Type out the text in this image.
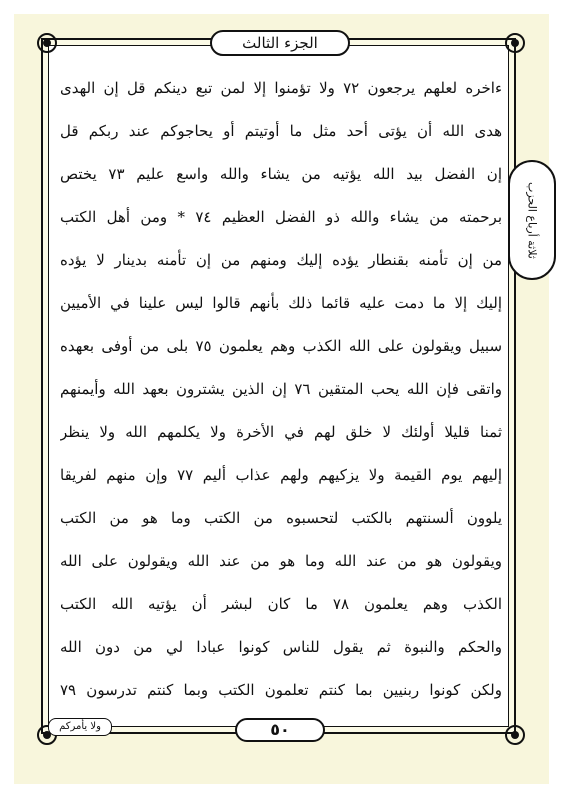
الجزء الثالث
ثلاثة أرباع الحزب
ءاخره لعلهم يرجعون ٧٢ ولا تؤمنوا إلا لمن تبع دينكم قل إن الهدى
هدى الله أن يؤتى أحد مثل ما أوتيتم أو يحاجوكم عند ربكم قل
إن الفضل بيد الله يؤتيه من يشاء والله واسع عليم ٧٣ يختص
برحمته من يشاء والله ذو الفضل العظيم ٧٤ * ومن أهل الكتب
من إن تأمنه بقنطار يؤده إليك ومنهم من إن تأمنه بدينار لا يؤده
إليك إلا ما دمت عليه قائما ذلك بأنهم قالوا ليس علينا في الأميين
سبيل ويقولون على الله الكذب وهم يعلمون ٧٥ بلى من أوفى بعهده
واتقى فإن الله يحب المتقين ٧٦ إن الذين يشترون بعهد الله وأيمنهم
ثمنا قليلا أولئك لا خلق لهم في الأخرة ولا يكلمهم الله ولا ينظر
إليهم يوم القيمة ولا يزكيهم ولهم عذاب أليم ٧٧ وإن منهم لفريقا
يلوون ألسنتهم بالكتب لتحسبوه من الكتب وما هو من الكتب
ويقولون هو من عند الله وما هو من عند الله ويقولون على الله
الكذب وهم يعلمون ٧٨ ما كان لبشر أن يؤتيه الله الكتب
والحكم والنبوة ثم يقول للناس كونوا عبادا لي من دون الله
ولكن كونوا ربنيين بما كنتم تعلمون الكتب وبما كنتم تدرسون ٧٩
ولا يأمركم	٥٠
